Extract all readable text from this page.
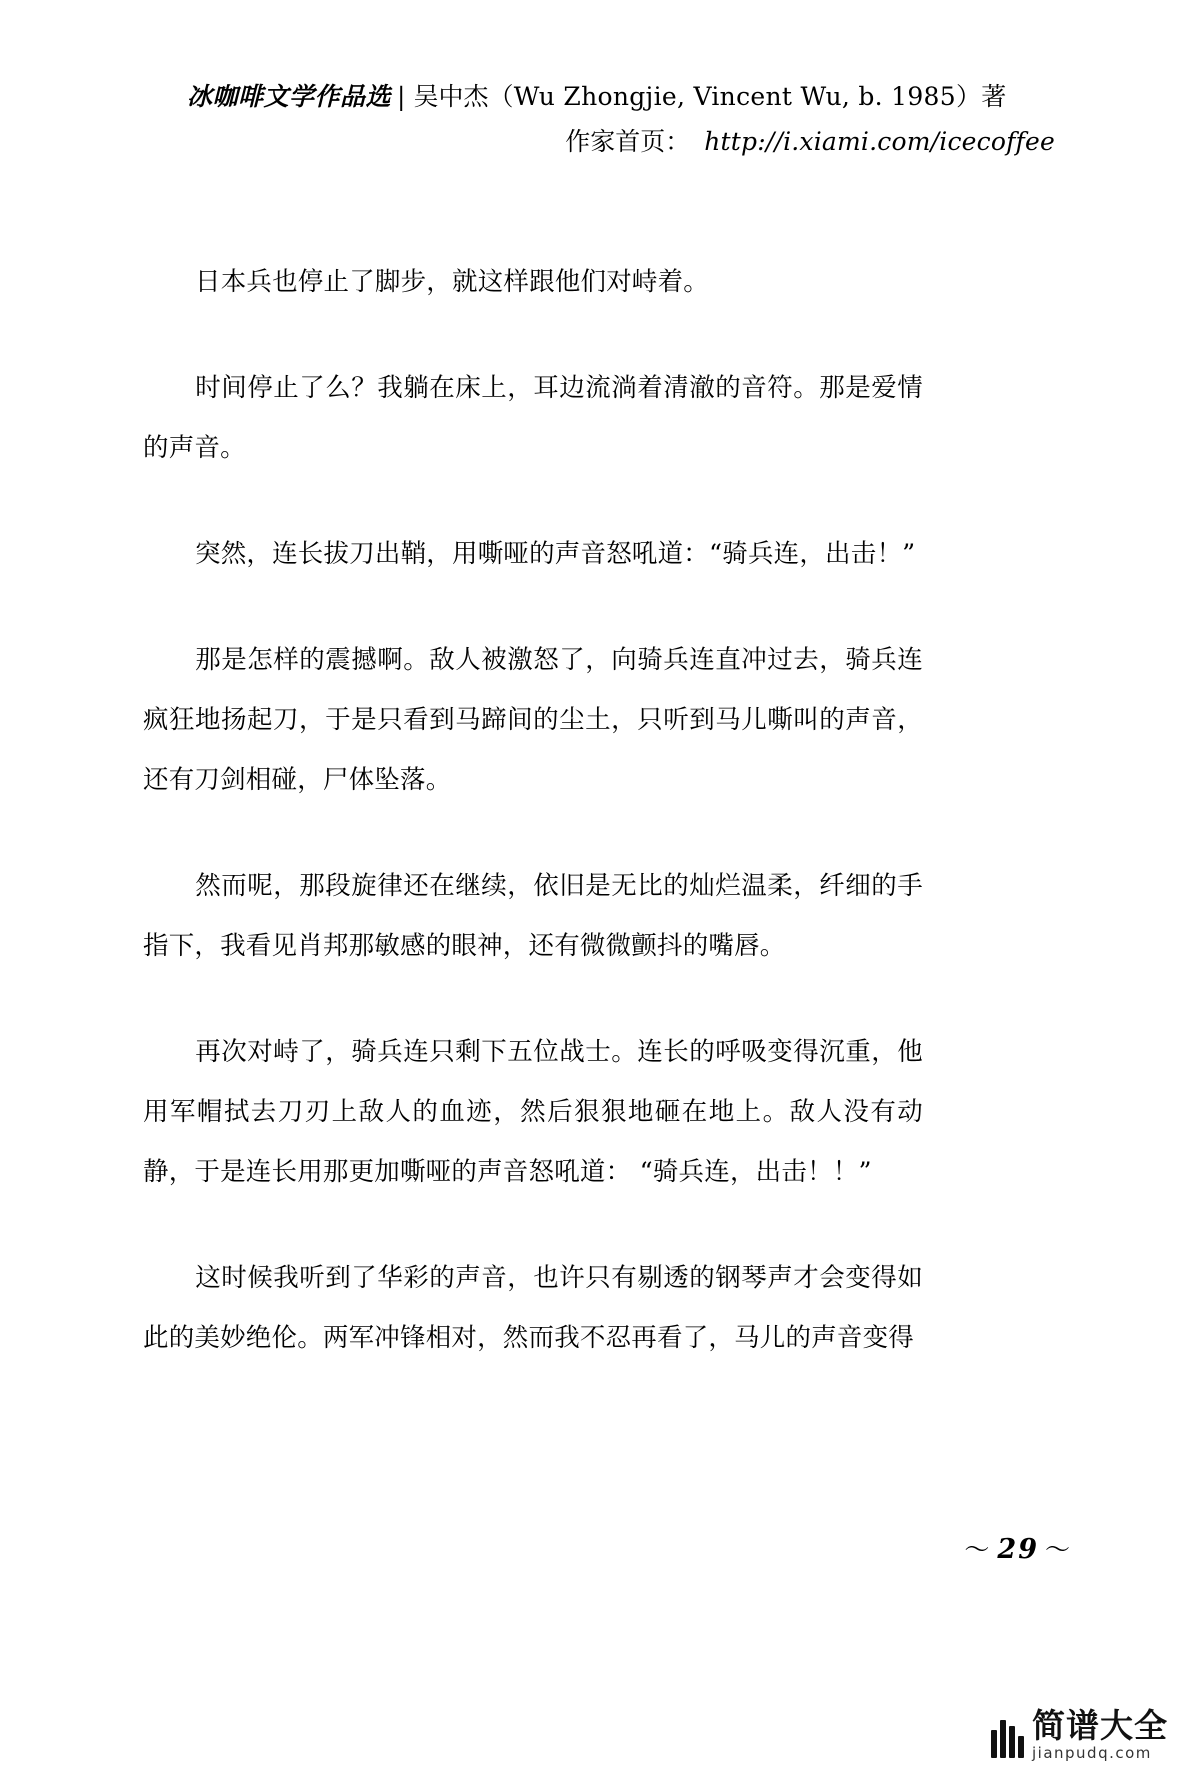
冰咖啡文学作品选 | 吴中杰（Wu Zhongjie, Vincent Wu, b. 1985）著
作家首页： http://i.xiami.com/icecoffee

日本兵也停止了脚步，就这样跟他们对峙着。

时间停止了么？我躺在床上，耳边流淌着清澈的音符。那是爱情的声音。

突然，连长拔刀出鞘，用嘶哑的声音怒吼道：“骑兵连，出击！”

那是怎样的震撼啊。敌人被激怒了，向骑兵连直冲过去，骑兵连疯狂地扬起刀，于是只看到马蹄间的尘土，只听到马儿嘶叫的声音，还有刀剑相碰，尸体坠落。

然而呢，那段旋律还在继续，依旧是无比的灿烂温柔，纤细的手指下，我看见肖邦那敏感的眼神，还有微微颤抖的嘴唇。

再次对峙了，骑兵连只剩下五位战士。连长的呼吸变得沉重，他用军帽拭去刀刃上敌人的血迹，然后狠狠地砸在地上。敌人没有动静，于是连长用那更加嘶哑的声音怒吼道： “骑兵连，出击！！”

这时候我听到了华彩的声音，也许只有剔透的钢琴声才会变得如此的美妙绝伦。两军冲锋相对，然而我不忍再看了，马儿的声音变得

〜 29 〜
简谱大全
jianpudq.com
